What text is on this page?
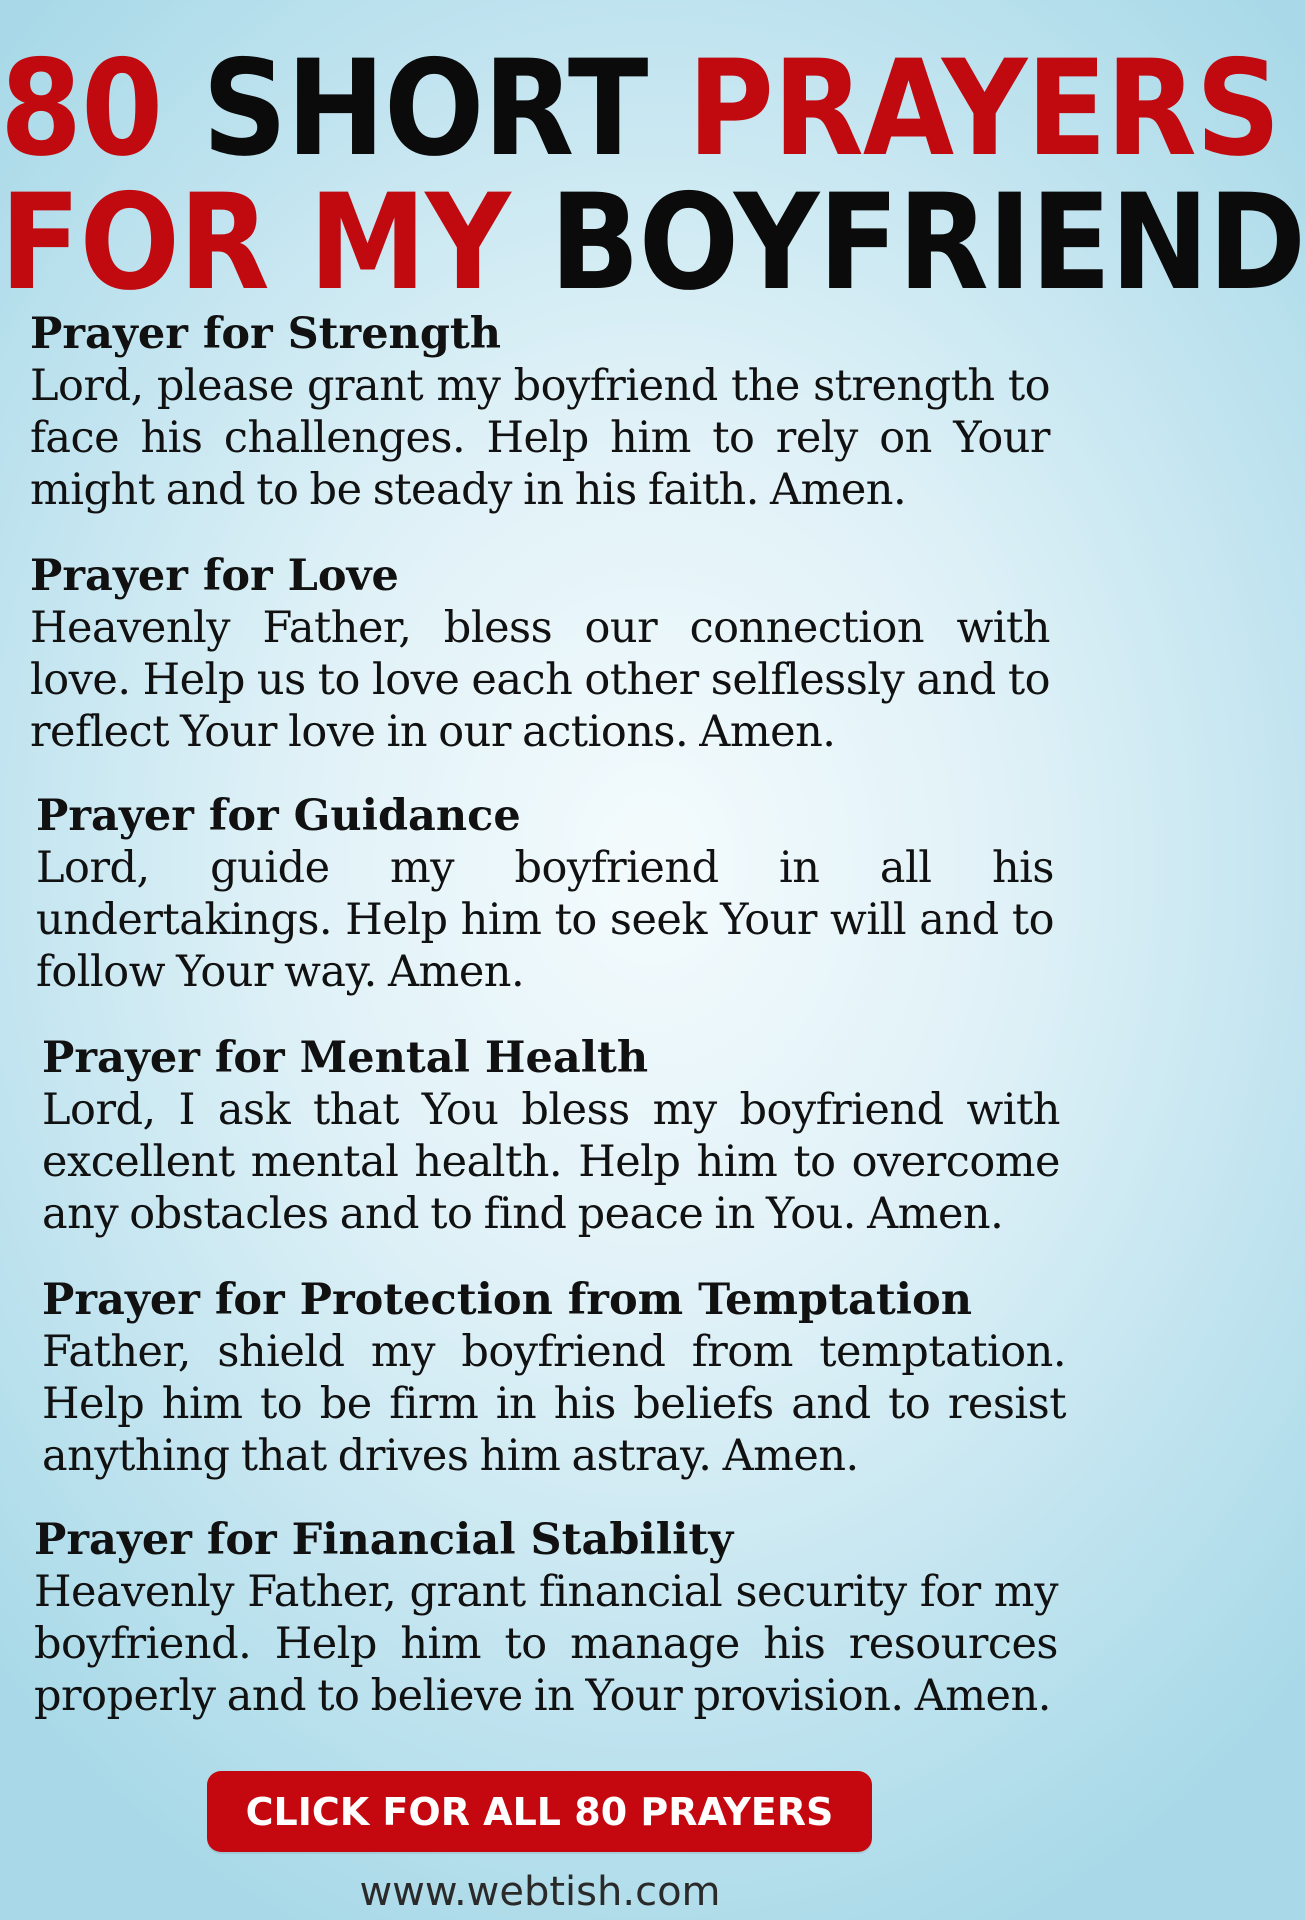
80 SHORT PRAYERS
FOR MY BOYFRIEND
Prayer for Strength

Lord, please grant my boyfriend the strength to face his challenges. Help him to rely on Your might and to be steady in his faith. Amen.

Prayer for Love

Heavenly Father, bless our connection with love. Help us to love each other selflessly and to reflect Your love in our actions. Amen.

Prayer for Guidance

Lord, guide my boyfriend in all his undertakings. Help him to seek Your will and to follow Your way. Amen.

Prayer for Mental Health

Lord, I ask that You bless my boyfriend with excellent mental health. Help him to overcome any obstacles and to find peace in You. Amen.

Prayer for Protection from Temptation

Father, shield my boyfriend from temptation. Help him to be firm in his beliefs and to resist anything that drives him astray. Amen.

Prayer for Financial Stability

Heavenly Father, grant financial security for my boyfriend. Help him to manage his resources properly and to believe in Your provision. Amen.

CLICK FOR ALL 80 PRAYERS
www.webtish.com
